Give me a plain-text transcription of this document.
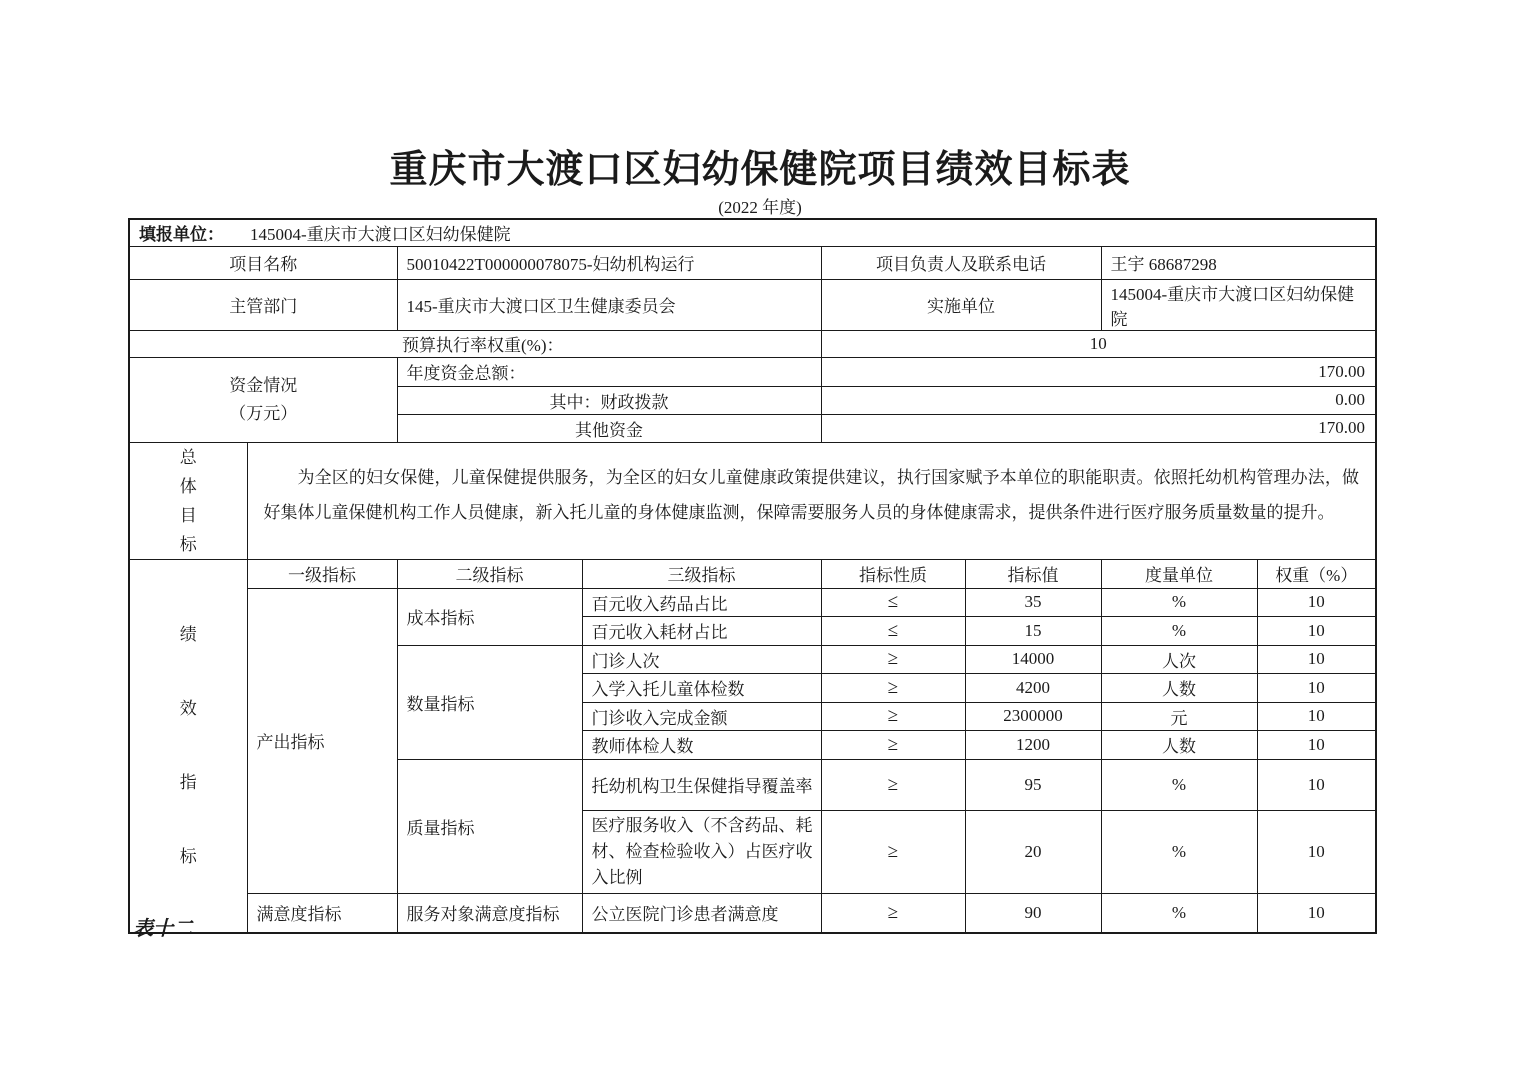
重庆市大渡口区妇幼保健院项目绩效目标表
(2022 年度)
填报单位： 145004-重庆市大渡口区妇幼保健院							
项目名称		50010422T000000078075-妇幼机构运行		项目负责人及联系电话		王宇 68687298	
主管部门		145-重庆市大渡口区卫生健康委员会		实施单位		145004-重庆市大渡口区妇幼保健院	
预算执行率权重(%)：				10			

资金情况
（万元）		年度资金总额：		170.00			
		其中：财政拨款		0.00			
		其他资金		170.00			

总
体
目
标	为全区的妇女保健，儿童保健提供服务，为全区的妇女儿童健康政策提供建议，执行国家赋予本单位的职能职责。依照托幼机构管理办法，做好集体儿童保健机构工作人员健康，新入托儿童的身体健康监测，保障需要服务人员的身体健康需求，提供条件进行医疗服务质量数量的提升。						

绩
效
指
标	一级指标	二级指标	三级指标	指标性质	指标值	度量单位	权重（%）
	产出指标	成本指标	百元收入药品占比	≤	35	%	10
			百元收入耗材占比	≤	15	%	10
		数量指标	门诊人次	≥	14000	人次	10
			入学入托儿童体检数	≥	4200	人数	10
			门诊收入完成金额	≥	2300000	元	10
			教师体检人数	≥	1200	人数	10
		质量指标	托幼机构卫生保健指导覆盖率	≥	95	%	10
			医疗服务收入（不含药品、耗材、检查检验收入）占医疗收入比例	≥	20	%	10
	满意度指标	服务对象满意度指标	公立医院门诊患者满意度	≥	90	%	10
表十二
